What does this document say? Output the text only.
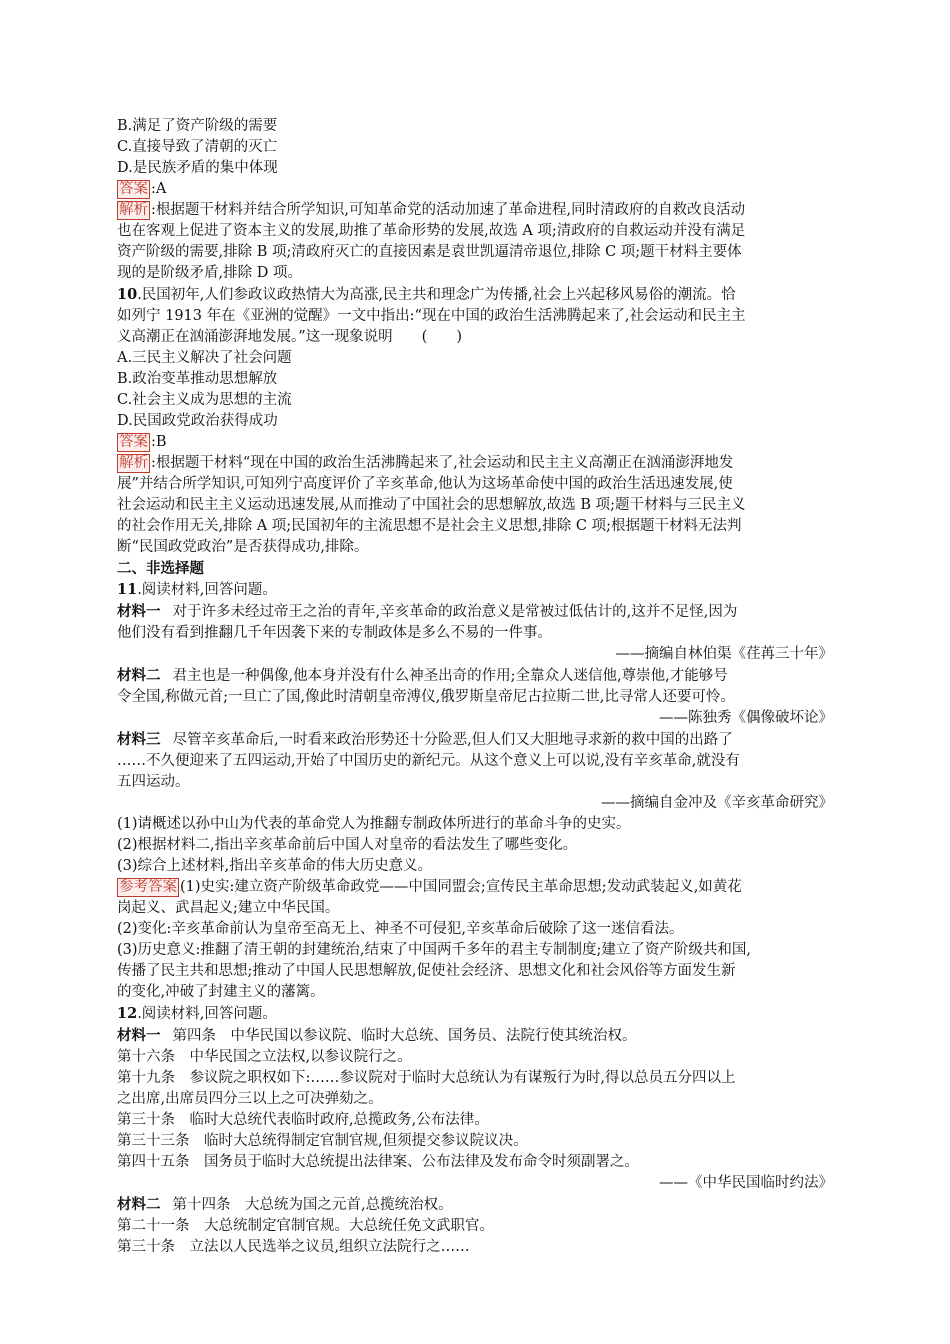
B.满足了资产阶级的需要
C.直接导致了清朝的灭亡
D.是民族矛盾的集中体现
答案 :A
解析 :根据题干材料并结合所学知识,可知革命党的活动加速了革命进程,同时清政府的自救改良活动
也在客观上促进了资本主义的发展,助推了革命形势的发展,故选 A 项;清政府的自救运动并没有满足
资产阶级的需要,排除 B 项;清政府灭亡的直接因素是袁世凯逼清帝退位,排除 C 项;题干材料主要体
现的是阶级矛盾,排除 D 项。
10.民国初年,人们参政议政热情大为高涨,民主共和理念广为传播,社会上兴起移风易俗的潮流。恰
如列宁 1913 年在《亚洲的觉醒》一文中指出:“现在中国的政治生活沸腾起来了,社会运动和民主主
义高潮正在汹涌澎湃地发展。”这一现象说明　　(　　)
A.三民主义解决了社会问题
B.政治变革推动思想解放
C.社会主义成为思想的主流
D.民国政党政治获得成功
答案 :B
解析 :根据题干材料“现在中国的政治生活沸腾起来了,社会运动和民主主义高潮正在汹涌澎湃地发
展”并结合所学知识,可知列宁高度评价了辛亥革命,他认为这场革命使中国的政治生活迅速发展,使
社会运动和民主主义运动迅速发展,从而推动了中国社会的思想解放,故选 B 项;题干材料与三民主义
的社会作用无关,排除 A 项;民国初年的主流思想不是社会主义思想,排除 C 项;根据题干材料无法判
断“民国政党政治”是否获得成功,排除。
二、非选择题
11.阅读材料,回答问题。
材料一 对于许多未经过帝王之治的青年,辛亥革命的政治意义是常被过低估计的,这并不足怪,因为
他们没有看到推翻几千年因袭下来的专制政体是多么不易的一件事。
——摘编自林伯渠《荏苒三十年》
材料二 君主也是一种偶像,他本身并没有什么神圣出奇的作用;全靠众人迷信他,尊崇他,才能够号
令全国,称做元首;一旦亡了国,像此时清朝皇帝溥仪,俄罗斯皇帝尼古拉斯二世,比寻常人还要可怜。
——陈独秀《偶像破坏论》
材料三 尽管辛亥革命后,一时看来政治形势还十分险恶,但人们又大胆地寻求新的救中国的出路了
……不久便迎来了五四运动,开始了中国历史的新纪元。从这个意义上可以说,没有辛亥革命,就没有
五四运动。
——摘编自金冲及《辛亥革命研究》
(1)请概述以孙中山为代表的革命党人为推翻专制政体所进行的革命斗争的史实。
(2)根据材料二,指出辛亥革命前后中国人对皇帝的看法发生了哪些变化。
(3)综合上述材料,指出辛亥革命的伟大历史意义。
参考答案 (1)史实:建立资产阶级革命政党——中国同盟会;宣传民主革命思想;发动武装起义,如黄花
岗起义、武昌起义;建立中华民国。
(2)变化:辛亥革命前认为皇帝至高无上、神圣不可侵犯,辛亥革命后破除了这一迷信看法。
(3)历史意义:推翻了清王朝的封建统治,结束了中国两千多年的君主专制制度;建立了资产阶级共和国,
传播了民主共和思想;推动了中国人民思想解放,促使社会经济、思想文化和社会风俗等方面发生新
的变化,冲破了封建主义的藩篱。
12.阅读材料,回答问题。
材料一 第四条　中华民国以参议院、临时大总统、国务员、法院行使其统治权。
第十六条　中华民国之立法权,以参议院行之。
第十九条　参议院之职权如下:……参议院对于临时大总统认为有谋叛行为时,得以总员五分四以上
之出席,出席员四分三以上之可决弹劾之。
第三十条　临时大总统代表临时政府,总揽政务,公布法律。
第三十三条　临时大总统得制定官制官规,但须提交参议院议决。
第四十五条　国务员于临时大总统提出法律案、公布法律及发布命令时须副署之。
——《中华民国临时约法》
材料二 第十四条　大总统为国之元首,总揽统治权。
第二十一条　大总统制定官制官规。大总统任免文武职官。
第三十条　立法以人民选举之议员,组织立法院行之……
